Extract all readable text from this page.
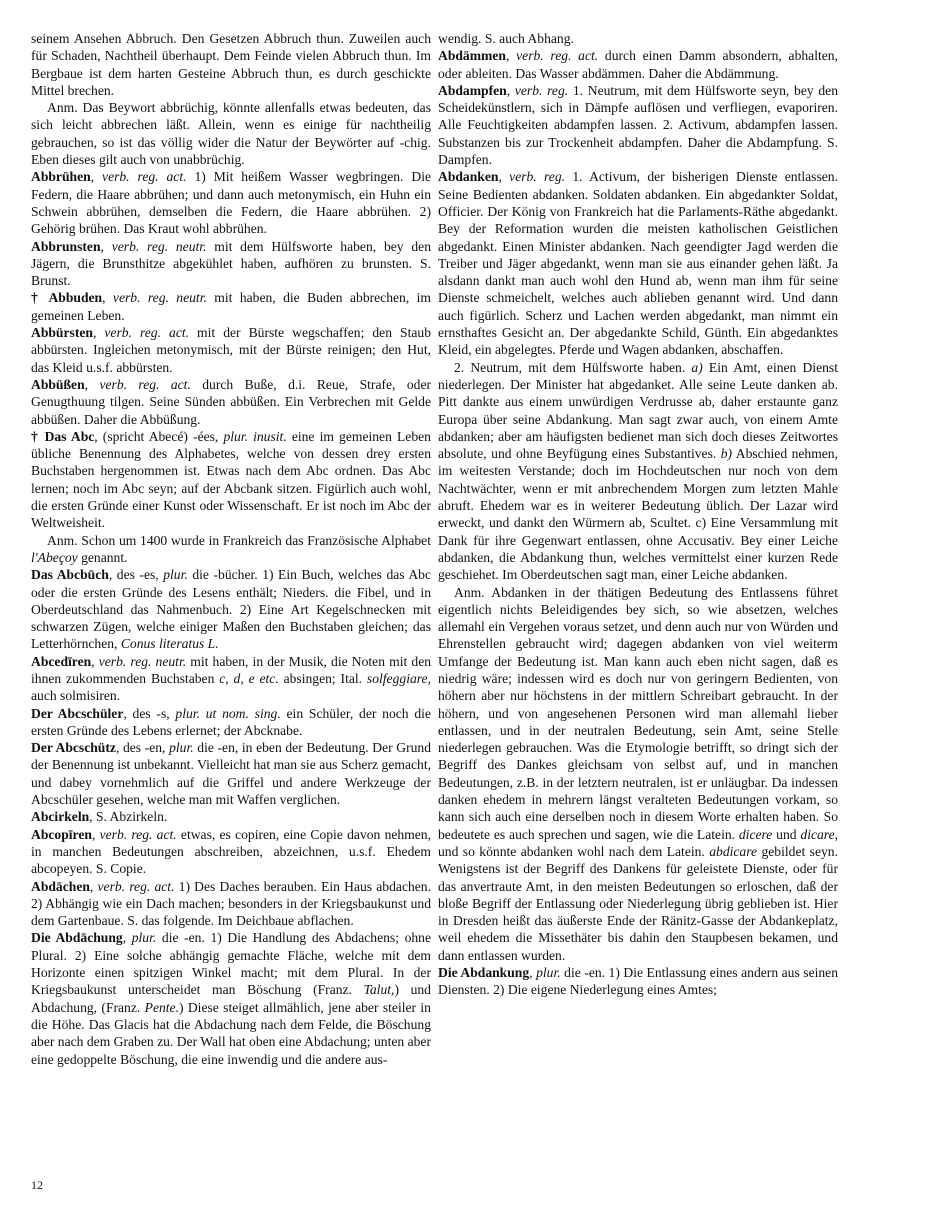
seinem Ansehen Abbruch. Den Gesetzen Abbruch thun. Zuweilen auch für Schaden, Nachtheil überhaupt. Dem Feinde vielen Abbruch thun. Im Bergbaue ist dem harten Gesteine Abbruch thun, es durch geschickte Mittel brechen.

Anm. Das Beywort abbrüchig, könnte allenfalls etwas bedeuten, das sich leicht abbrechen läßt. Allein, wenn es einige für nachtheilig gebrauchen, so ist das völlig wider die Natur der Beywörter auf -chig. Eben dieses gilt auch von unabbrüchig.

Abbrühen, verb. reg. act. 1) Mit heißem Wasser wegbringen. Die Federn, die Haare abbrühen; und dann auch metonymisch, ein Huhn ein Schwein abbrühen, demselben die Federn, die Haare abbrühen. 2) Gehörig brühen. Das Kraut wohl abbrühen.

Abbrunsten, verb. reg. neutr. mit dem Hülfsworte haben, bey den Jägern, die Brunsthitze abgekühlet haben, aufhören zu brunsten. S. Brunst.

† Abbuden, verb. reg. neutr. mit haben, die Buden abbrechen, im gemeinen Leben.

Abbürsten, verb. reg. act. mit der Bürste wegschaffen; den Staub abbürsten. Ingleichen metonymisch, mit der Bürste reinigen; den Hut, das Kleid u.s.f. abbürsten.

Abbüßen, verb. reg. act. durch Buße, d.i. Reue, Strafe, oder Genugthuung tilgen. Seine Sünden abbüßen. Ein Verbrechen mit Gelde abbüßen. Daher die Abbüßung.

† Das Abc, (spricht Abecé) -ées, plur. inusit. eine im gemeinen Leben übliche Benennung des Alphabetes, welche von dessen drey ersten Buchstaben hergenommen ist. Etwas nach dem Abc ordnen. Das Abc lernen; noch im Abc seyn; auf der Abcbank sitzen. Figürlich auch wohl, die ersten Gründe einer Kunst oder Wissenschaft. Er ist noch im Abc der Weltweisheit.

Anm. Schon um 1400 wurde in Frankreich das Französische Alphabet l'Abeçoy genannt.

Das Abcbūch, des -es, plur. die -bücher. 1) Ein Buch, welches das Abc oder die ersten Gründe des Lesens enthält; Nieders. die Fibel, und in Oberdeutschland das Nahmenbuch. 2) Eine Art Kegelschnecken mit schwarzen Zügen, welche einiger Maßen den Buchstaben gleichen; das Letterhörnchen, Conus literatus L.

Abcedīren, verb. reg. neutr. mit haben, in der Musik, die Noten mit den ihnen zukommenden Buchstaben c, d, e etc. absingen; Ital. solfeggiare, auch solmisiren.

Der Abcschüler, des -s, plur. ut nom. sing. ein Schüler, der noch die ersten Gründe des Lebens erlernet; der Abcknabe.

Der Abcschütz, des -en, plur. die -en, in eben der Bedeutung. Der Grund der Benennung ist unbekannt. Vielleicht hat man sie aus Scherz gemacht, und dabey vornehmlich auf die Griffel und andere Werkzeuge der Abcschüler gesehen, welche man mit Waffen verglichen.

Abcirkeln, S. Abzirkeln.

Abcopīren, verb. reg. act. etwas, es copiren, eine Copie davon nehmen, in manchen Bedeutungen abschreiben, abzeichnen, u.s.f. Ehedem abcopeyen. S. Copie.

Abdāchen, verb. reg. act. 1) Des Daches berauben. Ein Haus abdachen. 2) Abhängig wie ein Dach machen; besonders in der Kriegsbaukunst und dem Gartenbaue. S. das folgende. Im Deichbaue abflachen.

Die Abdāchung, plur. die -en. 1) Die Handlung des Abdachens; ohne Plural. 2) Eine solche abhängig gemachte Fläche, welche mit dem Horizonte einen spitzigen Winkel macht; mit dem Plural. In der Kriegsbaukunst unterscheidet man Böschung (Franz. Talut,) und Abdachung, (Franz. Pente.) Diese steiget allmählich, jene aber steiler in die Höhe. Das Glacis hat die Abdachung nach dem Felde, die Böschung aber nach dem Graben zu. Der Wall hat oben eine Abdachung; unten aber eine gedoppelte Böschung, die eine inwendig und die andere aus-

wendig. S. auch Abhang.

Abdämmen, verb. reg. act. durch einen Damm absondern, abhalten, oder ableiten. Das Wasser abdämmen. Daher die Abdämmung.

Abdampfen, verb. reg. 1. Neutrum, mit dem Hülfsworte seyn, bey den Scheidekünstlern, sich in Dämpfe auflösen und verfliegen, evaporiren. Alle Feuchtigkeiten abdampfen lassen. 2. Activum, abdampfen lassen. Substanzen bis zur Trockenheit abdampfen. Daher die Abdampfung. S. Dampfen.

Abdanken, verb. reg. 1. Activum, der bisherigen Dienste entlassen. Seine Bedienten abdanken. Soldaten abdanken. Ein abgedankter Soldat, Officier. Der König von Frankreich hat die Parlaments-Räthe abgedankt. Bey der Reformation wurden die meisten katholischen Geistlichen abgedankt. Einen Minister abdanken. Nach geendigter Jagd werden die Treiber und Jäger abgedankt, wenn man sie aus einander gehen läßt. Ja alsdann dankt man auch wohl den Hund ab, wenn man ihm für seine Dienste schmeichelt, welches auch ablieben genannt wird. Und dann auch figürlich. Scherz und Lachen werden abgedankt, man nimmt ein ernsthaftes Gesicht an. Der abgedankte Schild, Günth. Ein abgedanktes Kleid, ein abgelegtes. Pferde und Wagen abdanken, abschaffen.

2. Neutrum, mit dem Hülfsworte haben. a) Ein Amt, einen Dienst niederlegen. Der Minister hat abgedanket. Alle seine Leute danken ab. Pitt dankte aus einem unwürdigen Verdrusse ab, daher erstaunte ganz Europa über seine Abdankung. Man sagt zwar auch, von einem Amte abdanken; aber am häufigsten bedienet man sich doch dieses Zeitwortes absolute, und ohne Beyfügung eines Substantives. b) Abschied nehmen, im weitesten Verstande; doch im Hochdeutschen nur noch von dem Nachtwächter, wenn er mit anbrechendem Morgen zum letzten Mahle abruft. Ehedem war es in weiterer Bedeutung üblich. Der Lazar wird erweckt, und dankt den Würmern ab, Scultet. c) Eine Versammlung mit Dank für ihre Gegenwart entlassen, ohne Accusativ. Bey einer Leiche abdanken, die Abdankung thun, welches vermittelst einer kurzen Rede geschiehet. Im Oberdeutschen sagt man, einer Leiche abdanken.

Anm. Abdanken in der thätigen Bedeutung des Entlassens führet eigentlich nichts Beleidigendes bey sich, so wie absetzen, welches allemahl ein Vergehen voraus setzet, und denn auch nur von Würden und Ehrenstellen gebraucht wird; dagegen abdanken von viel weiterm Umfange der Bedeutung ist. Man kann auch eben nicht sagen, daß es niedrig wäre; indessen wird es doch nur von geringern Bedienten, von höhern aber nur höchstens in der mittlern Schreibart gebraucht. In der höhern, und von angesehenen Personen wird man allemahl lieber entlassen, und in der neutralen Bedeutung, sein Amt, seine Stelle niederlegen gebrauchen. Was die Etymologie betrifft, so dringt sich der Begriff des Dankes gleichsam von selbst auf, und in manchen Bedeutungen, z.B. in der letztern neutralen, ist er unläugbar. Da indessen danken ehedem in mehrern längst veralteten Bedeutungen vorkam, so kann sich auch eine derselben noch in diesem Worte erhalten haben. So bedeutete es auch sprechen und sagen, wie die Latein. dicere und dicare, und so könnte abdanken wohl nach dem Latein. abdicare gebildet seyn. Wenigstens ist der Begriff des Dankens für geleistete Dienste, oder für das anvertraute Amt, in den meisten Bedeutungen so erloschen, daß der bloße Begriff der Entlassung oder Niederlegung übrig geblieben ist. Hier in Dresden heißt das äußerste Ende der Ränitz-Gasse der Abdankeplatz, weil ehedem die Missethäter bis dahin den Staupbesen bekamen, und dann entlassen wurden.

Die Abdankung, plur. die -en. 1) Die Entlassung eines andern aus seinen Diensten. 2) Die eigene Niederlegung eines Amtes;

12
